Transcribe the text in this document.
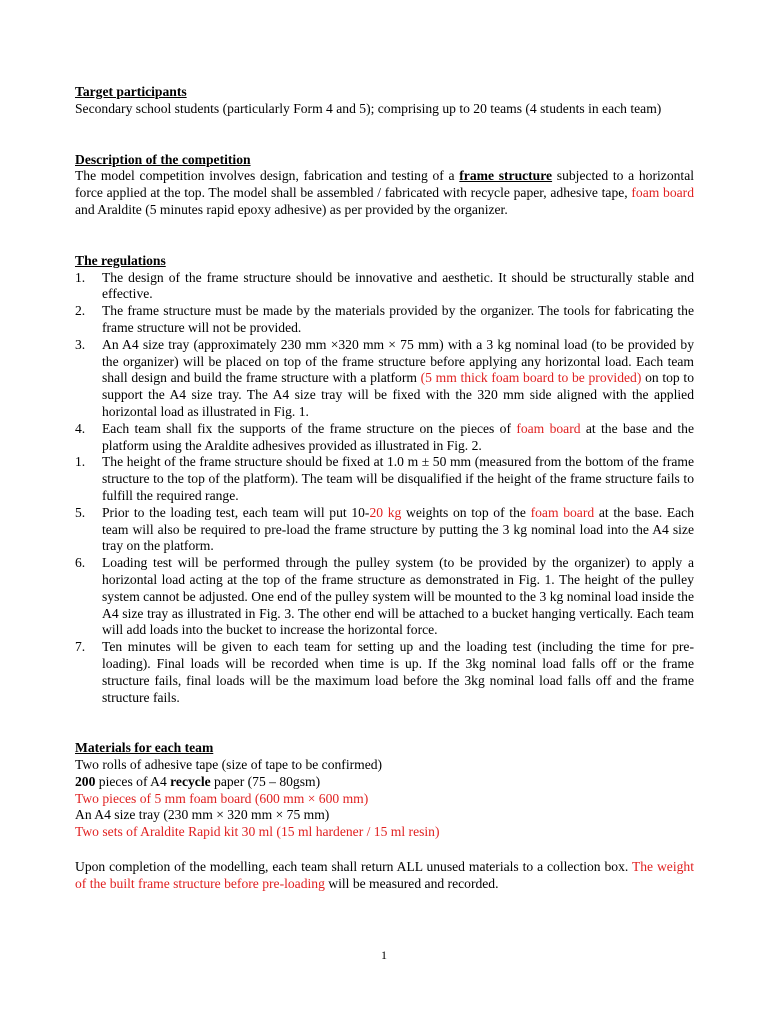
Target participants
Secondary school students (particularly Form 4 and 5); comprising up to 20 teams (4 students in each team)
Description of the competition
The model competition involves design, fabrication and testing of a frame structure subjected to a horizontal force applied at the top. The model shall be assembled / fabricated with recycle paper, adhesive tape, foam board and Araldite (5 minutes rapid epoxy adhesive) as per provided by the organizer.
The regulations
1. The design of the frame structure should be innovative and aesthetic. It should be structurally stable and effective.
2. The frame structure must be made by the materials provided by the organizer. The tools for fabricating the frame structure will not be provided.
3. An A4 size tray (approximately 230 mm ×320 mm × 75 mm) with a 3 kg nominal load (to be provided by the organizer) will be placed on top of the frame structure before applying any horizontal load. Each team shall design and build the frame structure with a platform (5 mm thick foam board to be provided) on top to support the A4 size tray. The A4 size tray will be fixed with the 320 mm side aligned with the applied horizontal load as illustrated in Fig. 1.
4. Each team shall fix the supports of the frame structure on the pieces of foam board at the base and the platform using the Araldite adhesives provided as illustrated in Fig. 2.
1. The height of the frame structure should be fixed at 1.0 m ± 50 mm (measured from the bottom of the frame structure to the top of the platform). The team will be disqualified if the height of the frame structure fails to fulfill the required range.
5. Prior to the loading test, each team will put 10-20 kg weights on top of the foam board at the base. Each team will also be required to pre-load the frame structure by putting the 3 kg nominal load into the A4 size tray on the platform.
6. Loading test will be performed through the pulley system (to be provided by the organizer) to apply a horizontal load acting at the top of the frame structure as demonstrated in Fig. 1. The height of the pulley system cannot be adjusted. One end of the pulley system will be mounted to the 3 kg nominal load inside the A4 size tray as illustrated in Fig. 3. The other end will be attached to a bucket hanging vertically. Each team will add loads into the bucket to increase the horizontal force.
7. Ten minutes will be given to each team for setting up and the loading test (including the time for pre-loading). Final loads will be recorded when time is up. If the 3kg nominal load falls off or the frame structure fails, final loads will be the maximum load before the 3kg nominal load falls off and the frame structure fails.
Materials for each team
Two rolls of adhesive tape (size of tape to be confirmed)
200 pieces of A4 recycle paper (75 – 80gsm)
Two pieces of 5 mm foam board (600 mm × 600 mm)
An A4 size tray (230 mm × 320 mm × 75 mm)
Two sets of Araldite Rapid kit 30 ml (15 ml hardener / 15 ml resin)
Upon completion of the modelling, each team shall return ALL unused materials to a collection box. The weight of the built frame structure before pre-loading will be measured and recorded.
1
